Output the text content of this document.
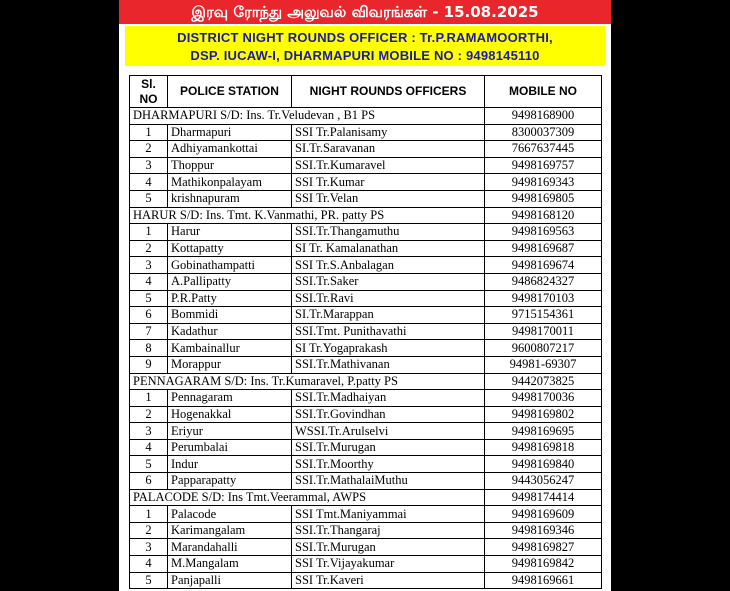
இரவு ரோந்து அலுவல் விவரங்கள் - 15.08.2025
DISTRICT NIGHT ROUNDS OFFICER : Tr.P.RAMAMOORTHI,
DSP. IUCAW-I, DHARMAPURI MOBILE NO : 9498145110
Sl. NO	POLICE STATION	NIGHT ROUNDS OFFICERS	MOBILE NO
DHARMAPURI S/D: Ins. Tr.Veludevan , B1 PS			9498168900
1	Dharmapuri	SSI Tr.Palanisamy	8300037309
2	Adhiyamankottai	SI.Tr.Saravanan	7667637445
3	Thoppur	SSI.Tr.Kumaravel	9498169757
4	Mathikonpalayam	SSI Tr.Kumar	9498169343
5	krishnapuram	SSI Tr.Velan	9498169805
HARUR S/D: Ins. Tmt. K.Vanmathi, PR. patty PS			9498168120
1	Harur	SSI.Tr.Thangamuthu	9498169563
2	Kottapatty	SI Tr. Kamalanathan	9498169687
3	Gobinathampatti	SSI Tr.S.Anbalagan	9498169674
4	A.Pallipatty	SSI.Tr.Saker	9486824327
5	P.R.Patty	SSI.Tr.Ravi	9498170103
6	Bommidi	SI.Tr.Marappan	9715154361
7	Kadathur	SSI.Tmt. Punithavathi	9498170011
8	Kambainallur	SI Tr.Yogaprakash	9600807217
9	Morappur	SSI.Tr.Mathivanan	94981-69307
PENNAGARAM S/D: Ins. Tr.Kumaravel, P.patty PS			9442073825
1	Pennagaram	SSI.Tr.Madhaiyan	9498170036
2	Hogenakkal	SSI.Tr.Govindhan	9498169802
3	Eriyur	WSSI.Tr.Arulselvi	9498169695
4	Perumbalai	SSI.Tr.Murugan	9498169818
5	Indur	SSI.Tr.Moorthy	9498169840
6	Papparapatty	SSI.Tr.MathalaiMuthu	9443056247
PALACODE S/D: Ins Tmt.Veerammal, AWPS			9498174414
1	Palacode	SSI Tmt.Maniyammai	9498169609
2	Karimangalam	SSI.Tr.Thangaraj	9498169346
3	Marandahalli	SSI.Tr.Murugan	9498169827
4	M.Mangalam	SSI Tr.Vijayakumar	9498169842
5	Panjapalli	SSI Tr.Kaveri	9498169661
